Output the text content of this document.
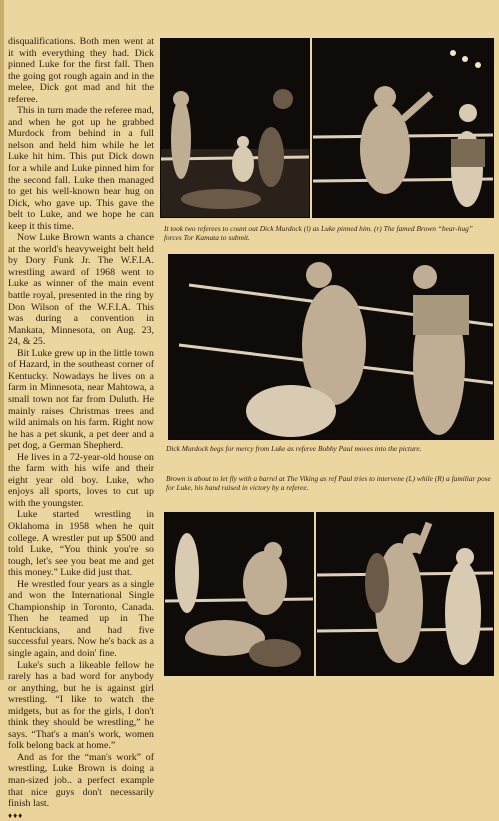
disqualifications. Both men went at it with everything they had. Dick pinned Luke for the first fall. Then the going got rough again and in the melee, Dick got mad and hit the referee.

This in turn made the referee mad, and when he got up he grabbed Murdock from behind in a full nelson and held him while he let Luke hit him. This put Dick down for a while and Luke pinned him for the second fall. Luke then managed to get his well-known bear hug on Dick, who gave up. This gave the belt to Luke, and we hope he can keep it this time.

Now Luke Brown wants a chance at the world's heavyweight belt held by Dory Funk Jr. The W.F.I.A. wrestling award of 1968 went to Luke as winner of the main event battle royal, presented in the ring by Don Wilson of the W.F.I.A. This was during a convention in Mankata, Minnesota, on Aug. 23, 24, & 25.

Bit Luke grew up in the little town of Hazard, in the southeast corner of Kentucky. Nowadays he lives on a farm in Minnesota, near Mahtowa, a small town not far from Duluth. He mainly raises Christmas trees and wild animals on his farm. Right now he has a pet skunk, a pet deer and a pet dog, a German Shepherd.

He lives in a 72-year-old house on the farm with his wife and their eight year old boy. Luke, who enjoys all sports, loves to cut up with the youngster.

Luke started wrestling in Oklahoma in 1958 when he quit college. A wrestler put up $500 and told Luke, “You think you're so tough, let's see you beat me and get this money.” Luke did just that.

He wrestled four years as a single and won the International Single Championship in Toronto, Canada. Then he teamed up in The Kentuckians, and had five successful years. Now he's back as a single again, and doin' fine.

Luke's such a likeable fellow he rarely has a bad word for anybody or anything, but he is against girl wrestling. “I like to watch the midgets, but as for the girls, I don't think they should be wrestling,” he says. “That's a man's work, women folk belong back at home.”

And as for the “man's work” of wrestling, Luke Brown is doing a man-sized job.. a perfect example that nice guys don't necessarily finish last.

♦♦♦
It took two referees to count out Dick Murdock (l) as Luke pinned him. (r) The famed Brown “bear-hug” forces Tor Kamata to submit.
Dick Murdock begs for mercy from Luke as referee Bobby Paul moves into the picture.
Brown is about to let fly with a barrel at The Viking as ref Paul tries to intervene (L) while (R) a familiar pose for Luke, his hand raised in victory by a referee.
